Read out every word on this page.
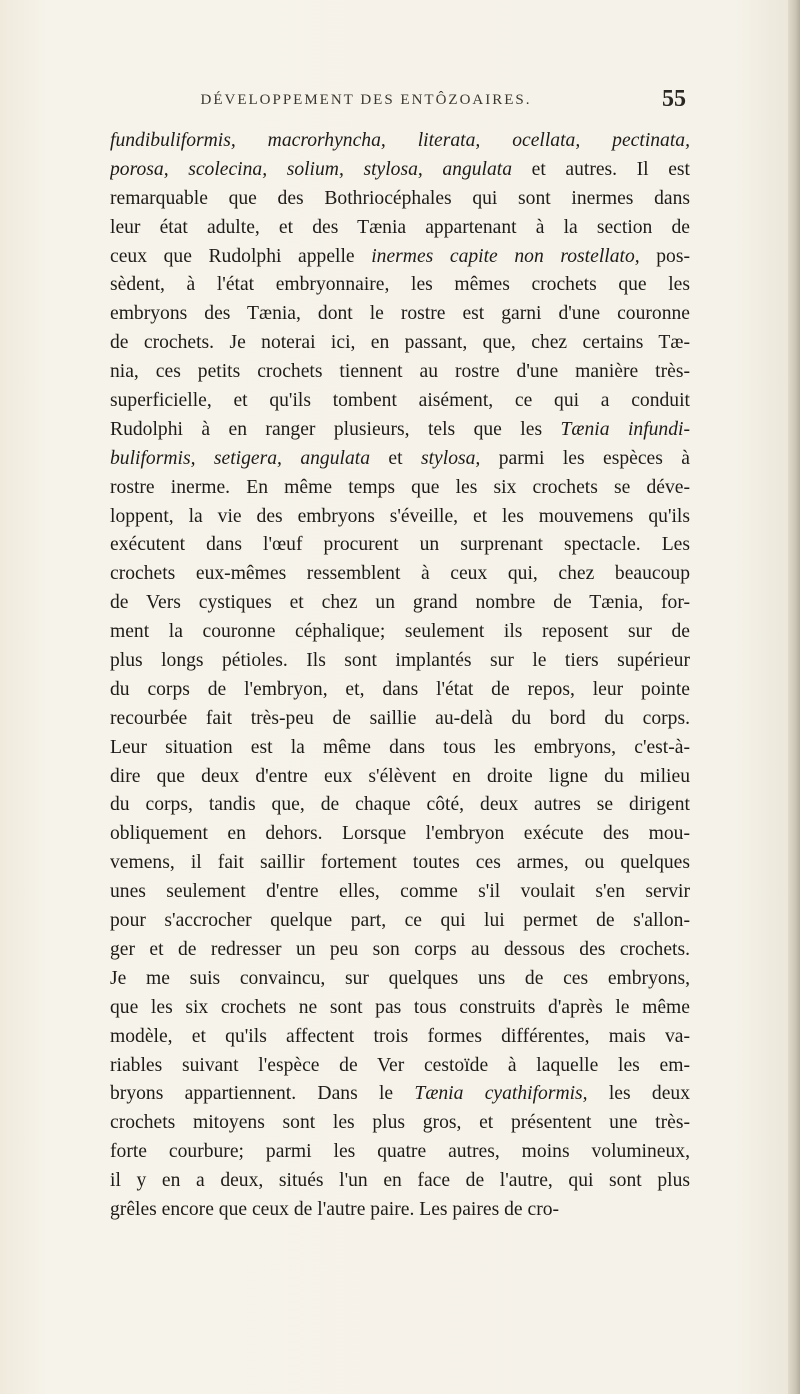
DÉVELOPPEMENT DES ENTÔZOAIRES.	55
fundibuliformis, macrorhyncha, literata, ocellata, pectinata,
porosa, scolecina, solium, stylosa, angulata et autres. Il est
remarquable que des Bothriocéphales qui sont inermes dans
leur état adulte, et des Tænia appartenant à la section de
ceux que Rudolphi appelle inermes capite non rostellato, pos-
sèdent, à l'état embryonnaire, les mêmes crochets que les
embryons des Tænia, dont le rostre est garni d'une couronne
de crochets. Je noterai ici, en passant, que, chez certains Tæ-
nia, ces petits crochets tiennent au rostre d'une manière très-
superficielle, et qu'ils tombent aisément, ce qui a conduit
Rudolphi à en ranger plusieurs, tels que les Tænia infundi-
buliformis, setigera, angulata et stylosa, parmi les espèces à
rostre inerme. En même temps que les six crochets se déve-
loppent, la vie des embryons s'éveille, et les mouvemens qu'ils
exécutent dans l'œuf procurent un surprenant spectacle. Les
crochets eux-mêmes ressemblent à ceux qui, chez beaucoup
de Vers cystiques et chez un grand nombre de Tænia, for-
ment la couronne céphalique; seulement ils reposent sur de
plus longs pétioles. Ils sont implantés sur le tiers supérieur
du corps de l'embryon, et, dans l'état de repos, leur pointe
recourbée fait très-peu de saillie au-delà du bord du corps.
Leur situation est la même dans tous les embryons, c'est-à-
dire que deux d'entre eux s'élèvent en droite ligne du milieu
du corps, tandis que, de chaque côté, deux autres se dirigent
obliquement en dehors. Lorsque l'embryon exécute des mou-
vemens, il fait saillir fortement toutes ces armes, ou quelques
unes seulement d'entre elles, comme s'il voulait s'en servir
pour s'accrocher quelque part, ce qui lui permet de s'allon-
ger et de redresser un peu son corps au dessous des crochets.
Je me suis convaincu, sur quelques uns de ces embryons,
que les six crochets ne sont pas tous construits d'après le même
modèle, et qu'ils affectent trois formes différentes, mais va-
riables suivant l'espèce de Ver cestoïde à laquelle les em-
bryons appartiennent. Dans le Tænia cyathiformis, les deux
crochets mitoyens sont les plus gros, et présentent une très-
forte courbure; parmi les quatre autres, moins volumineux,
il y en a deux, situés l'un en face de l'autre, qui sont plus
grêles encore que ceux de l'autre paire. Les paires de cro-
